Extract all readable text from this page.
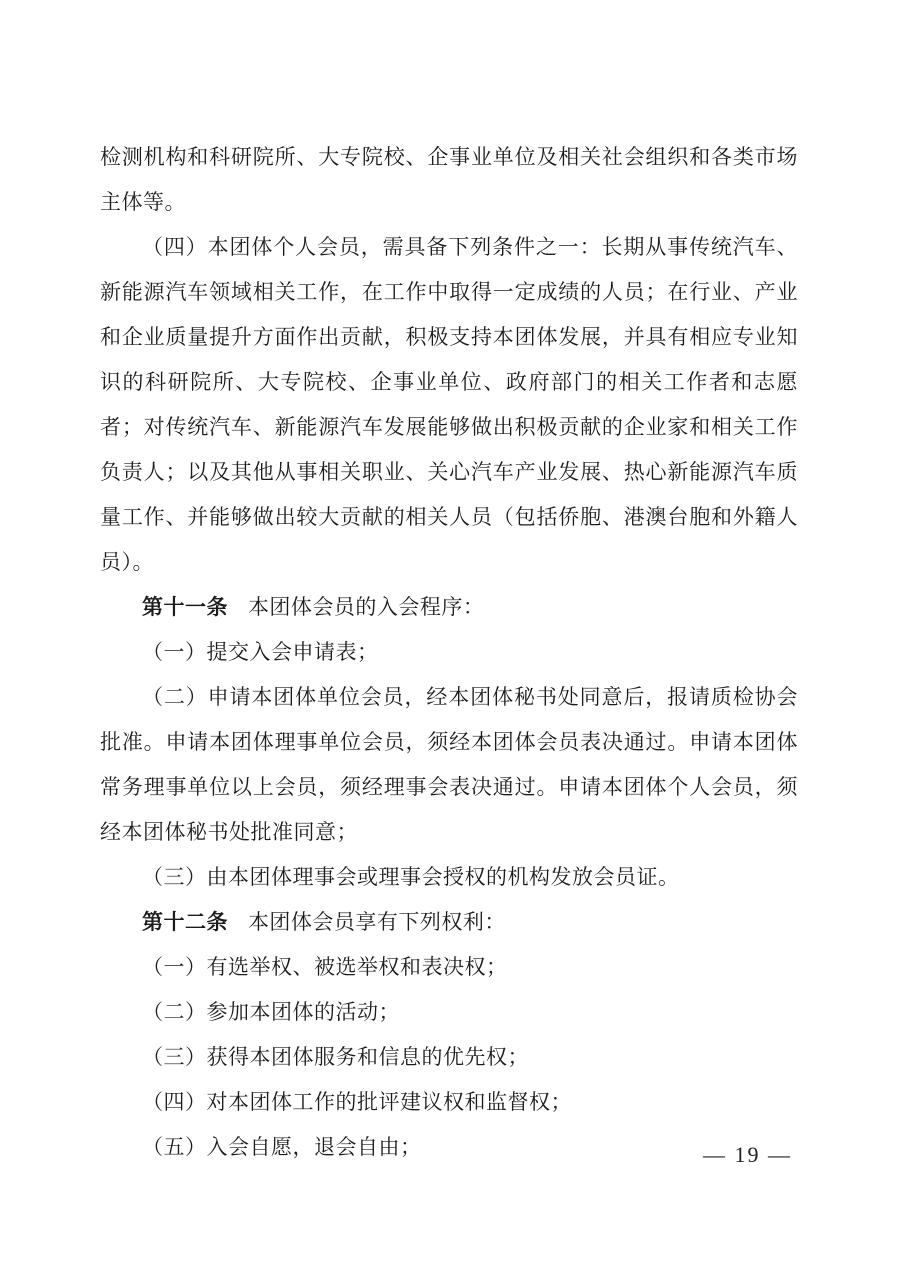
检测机构和科研院所、大专院校、企事业单位及相关社会组织和各类市场主体等。

（四）本团体个人会员，需具备下列条件之一：长期从事传统汽车、新能源汽车领域相关工作，在工作中取得一定成绩的人员；在行业、产业和企业质量提升方面作出贡献，积极支持本团体发展，并具有相应专业知识的科研院所、大专院校、企事业单位、政府部门的相关工作者和志愿者；对传统汽车、新能源汽车发展能够做出积极贡献的企业家和相关工作负责人；以及其他从事相关职业、关心汽车产业发展、热心新能源汽车质量工作、并能够做出较大贡献的相关人员（包括侨胞、港澳台胞和外籍人员）。

第十一条 本团体会员的入会程序：

（一）提交入会申请表；

（二）申请本团体单位会员，经本团体秘书处同意后，报请质检协会批准。申请本团体理事单位会员，须经本团体会员表决通过。申请本团体常务理事单位以上会员，须经理事会表决通过。申请本团体个人会员，须经本团体秘书处批准同意；

（三）由本团体理事会或理事会授权的机构发放会员证。

第十二条 本团体会员享有下列权利：

（一）有选举权、被选举权和表决权；

（二）参加本团体的活动；

（三）获得本团体服务和信息的优先权；

（四）对本团体工作的批评建议权和监督权；

（五）入会自愿，退会自由；	— 19 —
